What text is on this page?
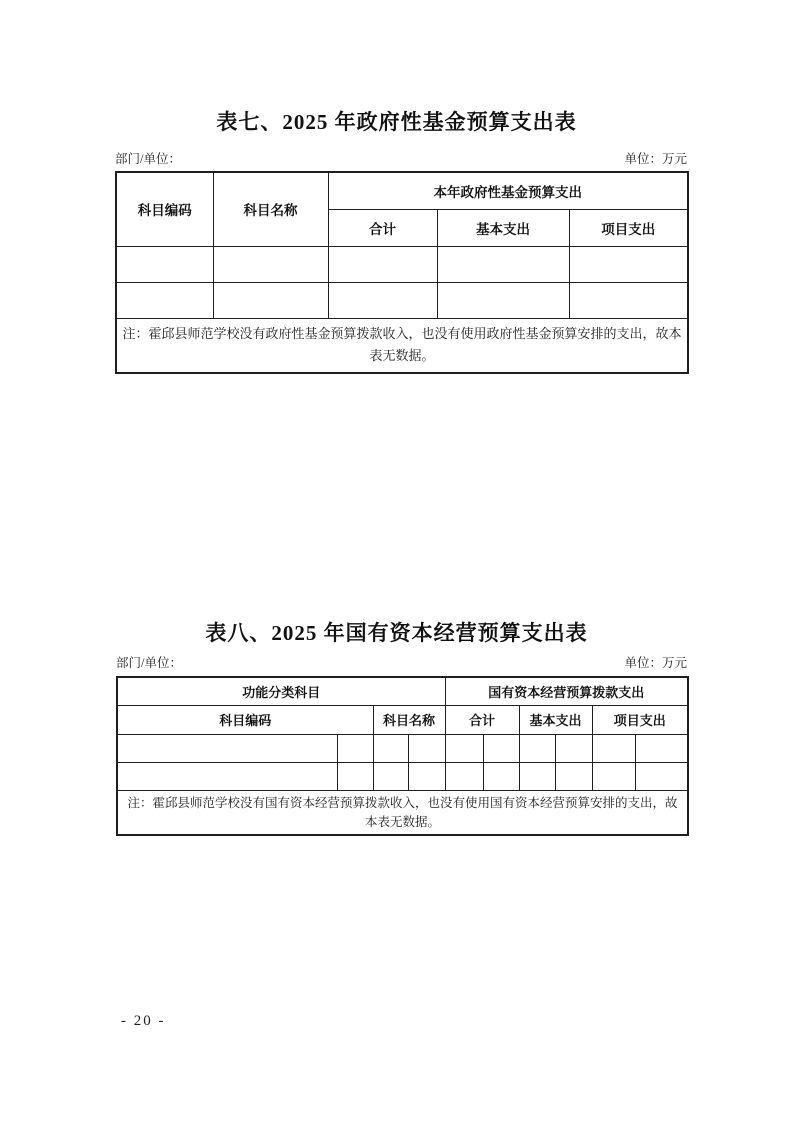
表七、2025 年政府性基金预算支出表
部门/单位：	单位：万元
科目编码	科目名称	本年政府性基金预算支出		
		合计	基本支出	项目支出

注：霍邱县师范学校没有政府性基金预算拨款收入，也没有使用政府性基金预算安排的支出，故本表无数据。				
表八、2025 年国有资本经营预算支出表
部门/单位：	单位：万元
功能分类科目				国有资本经营预算拨款支出					
科目编码		科目名称		合计		基本支出		项目支出	

注：霍邱县师范学校没有国有资本经营预算拨款收入，也没有使用国有资本经营预算安排的支出，故本表无数据。									
- 20 -
